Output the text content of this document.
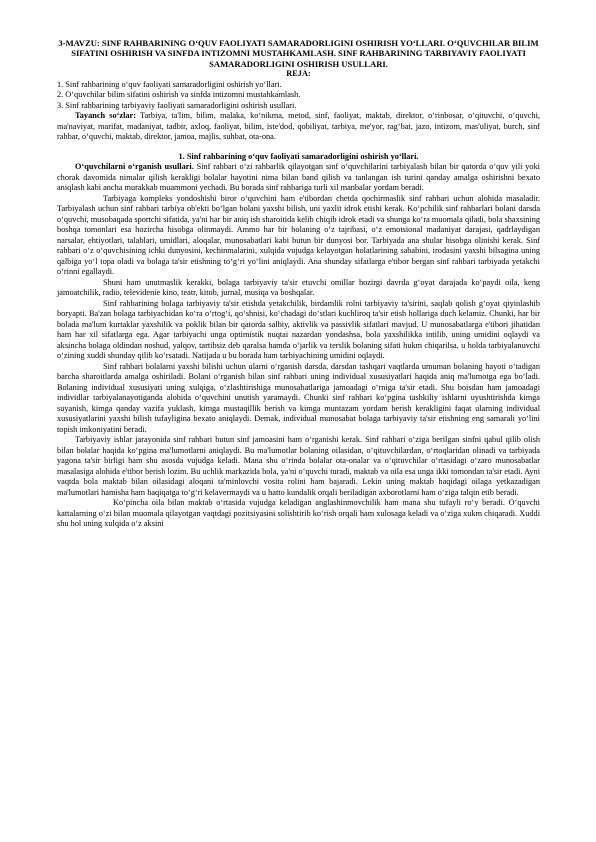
3-MAVZU: SINF RAHBARINING O‘QUV FAOLIYATI SAMARADORLIGINI OSHIRISH YO‘LLARI. O‘QUVCHILAR BILIM SIFATINI OSHIRISH VA SINFDA INTIZOMNI MUSTAHKAMLASH. SINF RAHBARINING TARBIYAVIY FAOLIYATI SAMARADORLIGINI OSHIRISH USULLARI.
REJA:
1. Sinf rahbarining o‘quv faoliyati samaradorligini oshirish yo‘llari.
2. O‘quvchilar bilim sifatini oshirish va sinfda intizomni mustahkamlash.
3. Sinf rahbarining tarbiyaviy faoliyati samaradorligini oshirish usullari.

Tayanch so‘zlar: Tarbiya, ta'lim, bilim, malaka, ko‘nikma, metod, sinf, faoliyat, maktab, direktor, o‘rinbosar, o‘qituvchi, o‘quvchi, ma'naviyat, marifat, madaniyat, tadbir, axloq, faoliyat, bilim, iste'dod, qobiliyat, tarbiya, me'yor, rag‘bat, jazo, intizom, mas'uliyat, burch, sinf rahbar, o‘quvchi, maktab, direktor, jamoa, majlis, suhbat, ota-ona.

1. Sinf rahbarining o‘quv faoliyati samaradorligini oshirish yo‘llari.

O‘quvchilarni o‘rganish usullari. Sinf rahbari o‘zi rahbarlik qilayotgan sinf o‘quvchilarini tarbiyalash bilan bir qatorda o‘quv yili yoki chorak davomida nimalar qilish kerakligi bolalar hayotini nima bilan band qilish va tanlangan ish turini qanday amalga oshirishni bexato aniqlash kabi ancha murakkab muammoni yechadi. Bu borada sinf rahbariga turli xil manbalar yordam beradi.

Tarbiyaga kompleks yondoshishi biror o‘quvchini ham e'tibordan chetda qochirmaslik sinf rahbari uchun alohida masaladir. Tarbiyalash uchun sinf rahbari tarbiya ob'ekti bo‘lgan bolani yaxshi bilish, uni yaxlit idrok etishi kerak. Ko‘pchilik sinf rahbarlari bolani darsda o‘quvchi, musobaqada sportchi sifatida, ya'ni har bir aniq ish sharoitida kelib chiqib idrok etadi va shunga ko‘ra muomala qiladi, bola shaxsining boshqa tomonlari esa hozircha hisobga olinmaydi. Ammo har bir bolaning o‘z tajribasi, o‘z emotsional madaniyat darajasi, qadrlaydigan narsalar, ehtiyotlari, talablari, umidlari, aloqalar, munosabatlari kabi butun bir dunyosi bor. Tarbiyada ana shular hisobga olinishi kerak. Sinf rahbari o‘z o‘quvchisining ichki dunyosini, kechinmalarini, xulqida vujudga kelayotgan holatlarining sababini, irodasini yaxshi bilsagina uning qalbiga yo‘l topa oladi va bolaga ta'sir etishning to‘g‘ri yo‘lini aniqlaydi. Ana shunday sifatlarga e'tibor bergan sinf rahbari tarbiyada yetakchi o‘rinni egallaydi.

Shuni ham unutmaslik kerakki, bolaga tarbiyaviy ta'sir etuvchi omillar hozirgi davrda g‘oyat darajada ko‘paydi oila, keng jamoatchilik, radio, televidenie kino, teatr, kitob, jurnal, musiqa va boshqalar.

Sinf rahbarining bolaga tarbiyaviy ta'sir etishda yetakchilik, birdamlik rolni tarbiyaviy ta'sirini, saqlab qolish g‘oyat qiyinlashib boryapti. Ba'zan bolaga tarbiyachidan ko‘ra o‘rtog‘i, qo‘shnisi, ko‘chadagi do‘stlari kuchliroq ta'sir etish hollariga duch kelamiz. Chunki, har bir bolada ma'lum kurtaklar yaxshilik va poklik bilan bir qatorda salbiy, aktivlik va passivlik sifatlari mavjud. U munosabatlarga e'tibori jihatidan ham har xil sifatlarga ega. Agar tarbiyachi unga optimistik nuqtai nazardan yondashsa, bola yaxshilikka intilib, uning umidini oqlaydi va aksincha bolaga oldindan noshud, yalqov, tartibsiz deb qaralsa hamda o‘jarlik va terslik bolaning sifati hukm chiqarilsa, u holda tarbiyalanuvchi o‘zining xuddi shunday qilib ko‘rsatadi. Natijada u bu borada ham tarbiyachining umidini oqlaydi.

Sinf rahbari bolalarni yaxshi bilishi uchun ularni o‘rganish darsda, darsdan tashqari vaqtlarda umuman bolaning hayoti o‘tadigan barcha sharoitlarda amalga oshiriladi. Bolani o‘rganish bilan sinf rahbari uning individual xususiyatlari haqida aniq ma'lumotga ega bo‘ladi. Bolaning individual xususiyati uning xulqiga, o‘zlashtirishiga munosabatlariga jamoadagi o‘rniga ta'sir etadi. Shu boisdan ham jamoadagi individlar tarbiyalanayotiganda alohida o‘quvchini unutish yaramaydi. Chunki sinf rahbari ko‘pgina tashkiliy ishlarni uyushtirishda kimga suyanish, kimga qanday vazifa yuklash, kimga mustaqillik berish va kimga muntazam yordam berish kerakligini faqat ularning individual xususiyatlarini yaxshi bilish tufayligina bexato aniqlaydi. Demak, individual munosabat bolaga tarbiyaviy ta'sir etishning eng samarali yo‘lini topish imkoniyatini beradi.

Tarbiyaviy ishlar jarayonida sinf rahbari butun sinf jamoasini ham o‘rganishi kerak. Sinf rahbari o‘ziga berilgan sinfni qabul qilib olish bilan bolalar haqida ko‘pgina ma'lumotlarni aniqlaydi. Bu ma'lumotlar bolaning oilasidan, o‘qituvchilardan, o‘rtoqlaridan olinadi va tarbiyada yagona ta'sir birligi ham shu asosda vujudga keladi. Mana shu o‘rinda bolalar ota-onalar va o‘qituvchilar o‘rtasidagi o‘zaro munosabatlar masalasiga alohida e'tibor berish lozim. Bu uchlik markazida bola, ya'ni o‘quvchi turadi, maktab va oila esa unga ikki tomondan ta'sir etadi. Ayni vaqtda bola maktab bilan oilasidagi aloqani ta'minlovchi vosita rolini ham bajaradi. Lekin uning maktab haqidagi oilaga yetkazadigan ma'lumotlari hamisha ham haqiqatga to‘g‘ri kelavermaydi va u hatto kundalik orqali beriladigan axborotlarni ham o‘ziga talqin etib beradi.

Ko‘pincha oila bilan maktab o‘rtasida vujudga keladigan anglashinmovchilik ham mana shu tufayli ro‘y beradi. O‘quvchi kattalarning o‘zi bilan muomala qilayotgan vaqtdagi pozitsiyasini solishtirib ko‘rish orqali ham xulosaga keladi va o‘ziga xukm chiqaradi. Xuddi shu hol uning xulqida o‘z aksini
